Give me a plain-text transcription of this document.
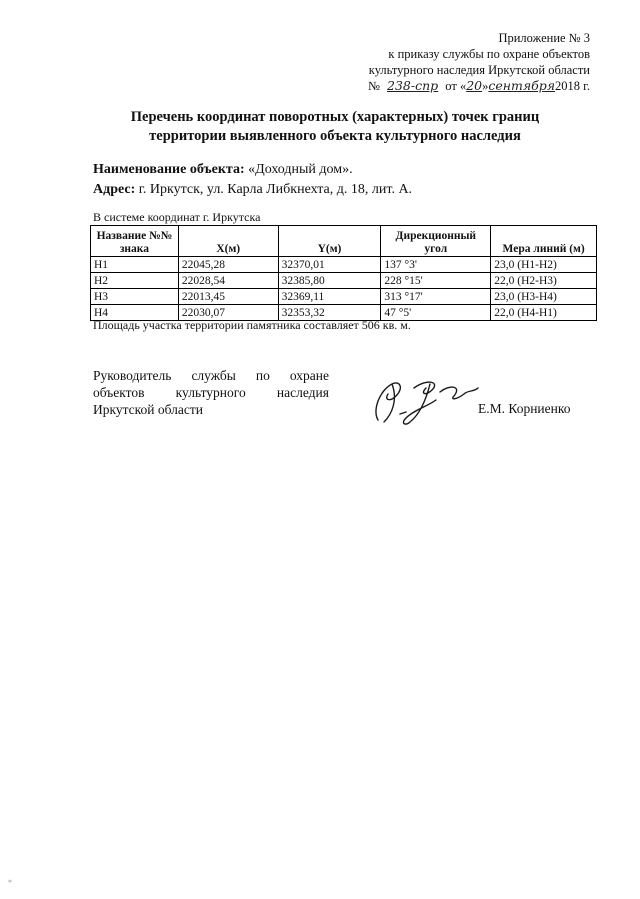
Приложение № 3
к приказу службы по охране объектов
культурного наследия Иркутской области
№ 238-спр от «20»сентября2018 г.
Перечень координат поворотных (характерных) точек границ
территории выявленного объекта культурного наследия
Наименование объекта: «Доходный дом».
Адрес: г. Иркутск, ул. Карла Либкнехта, д. 18, лит. А.
В системе координат г. Иркутска
Название №№ знака	X(м)	Y(м)	Дирекционный угол	Мера линий (м)
Н1	22045,28	32370,01	137 °3'	23,0 (Н1-Н2)
Н2	22028,54	32385,80	228 °15'	22,0 (Н2-Н3)
Н3	22013,45	32369,11	313 °17'	23,0 (Н3-Н4)
Н4	22030,07	32353,32	47 °5'	22,0 (Н4-Н1)
Площадь участка территории памятника составляет 506 кв. м.
Руководитель службы по охране
объектов культурного наследия
Иркутской области	Е.М. Корниенко
*
